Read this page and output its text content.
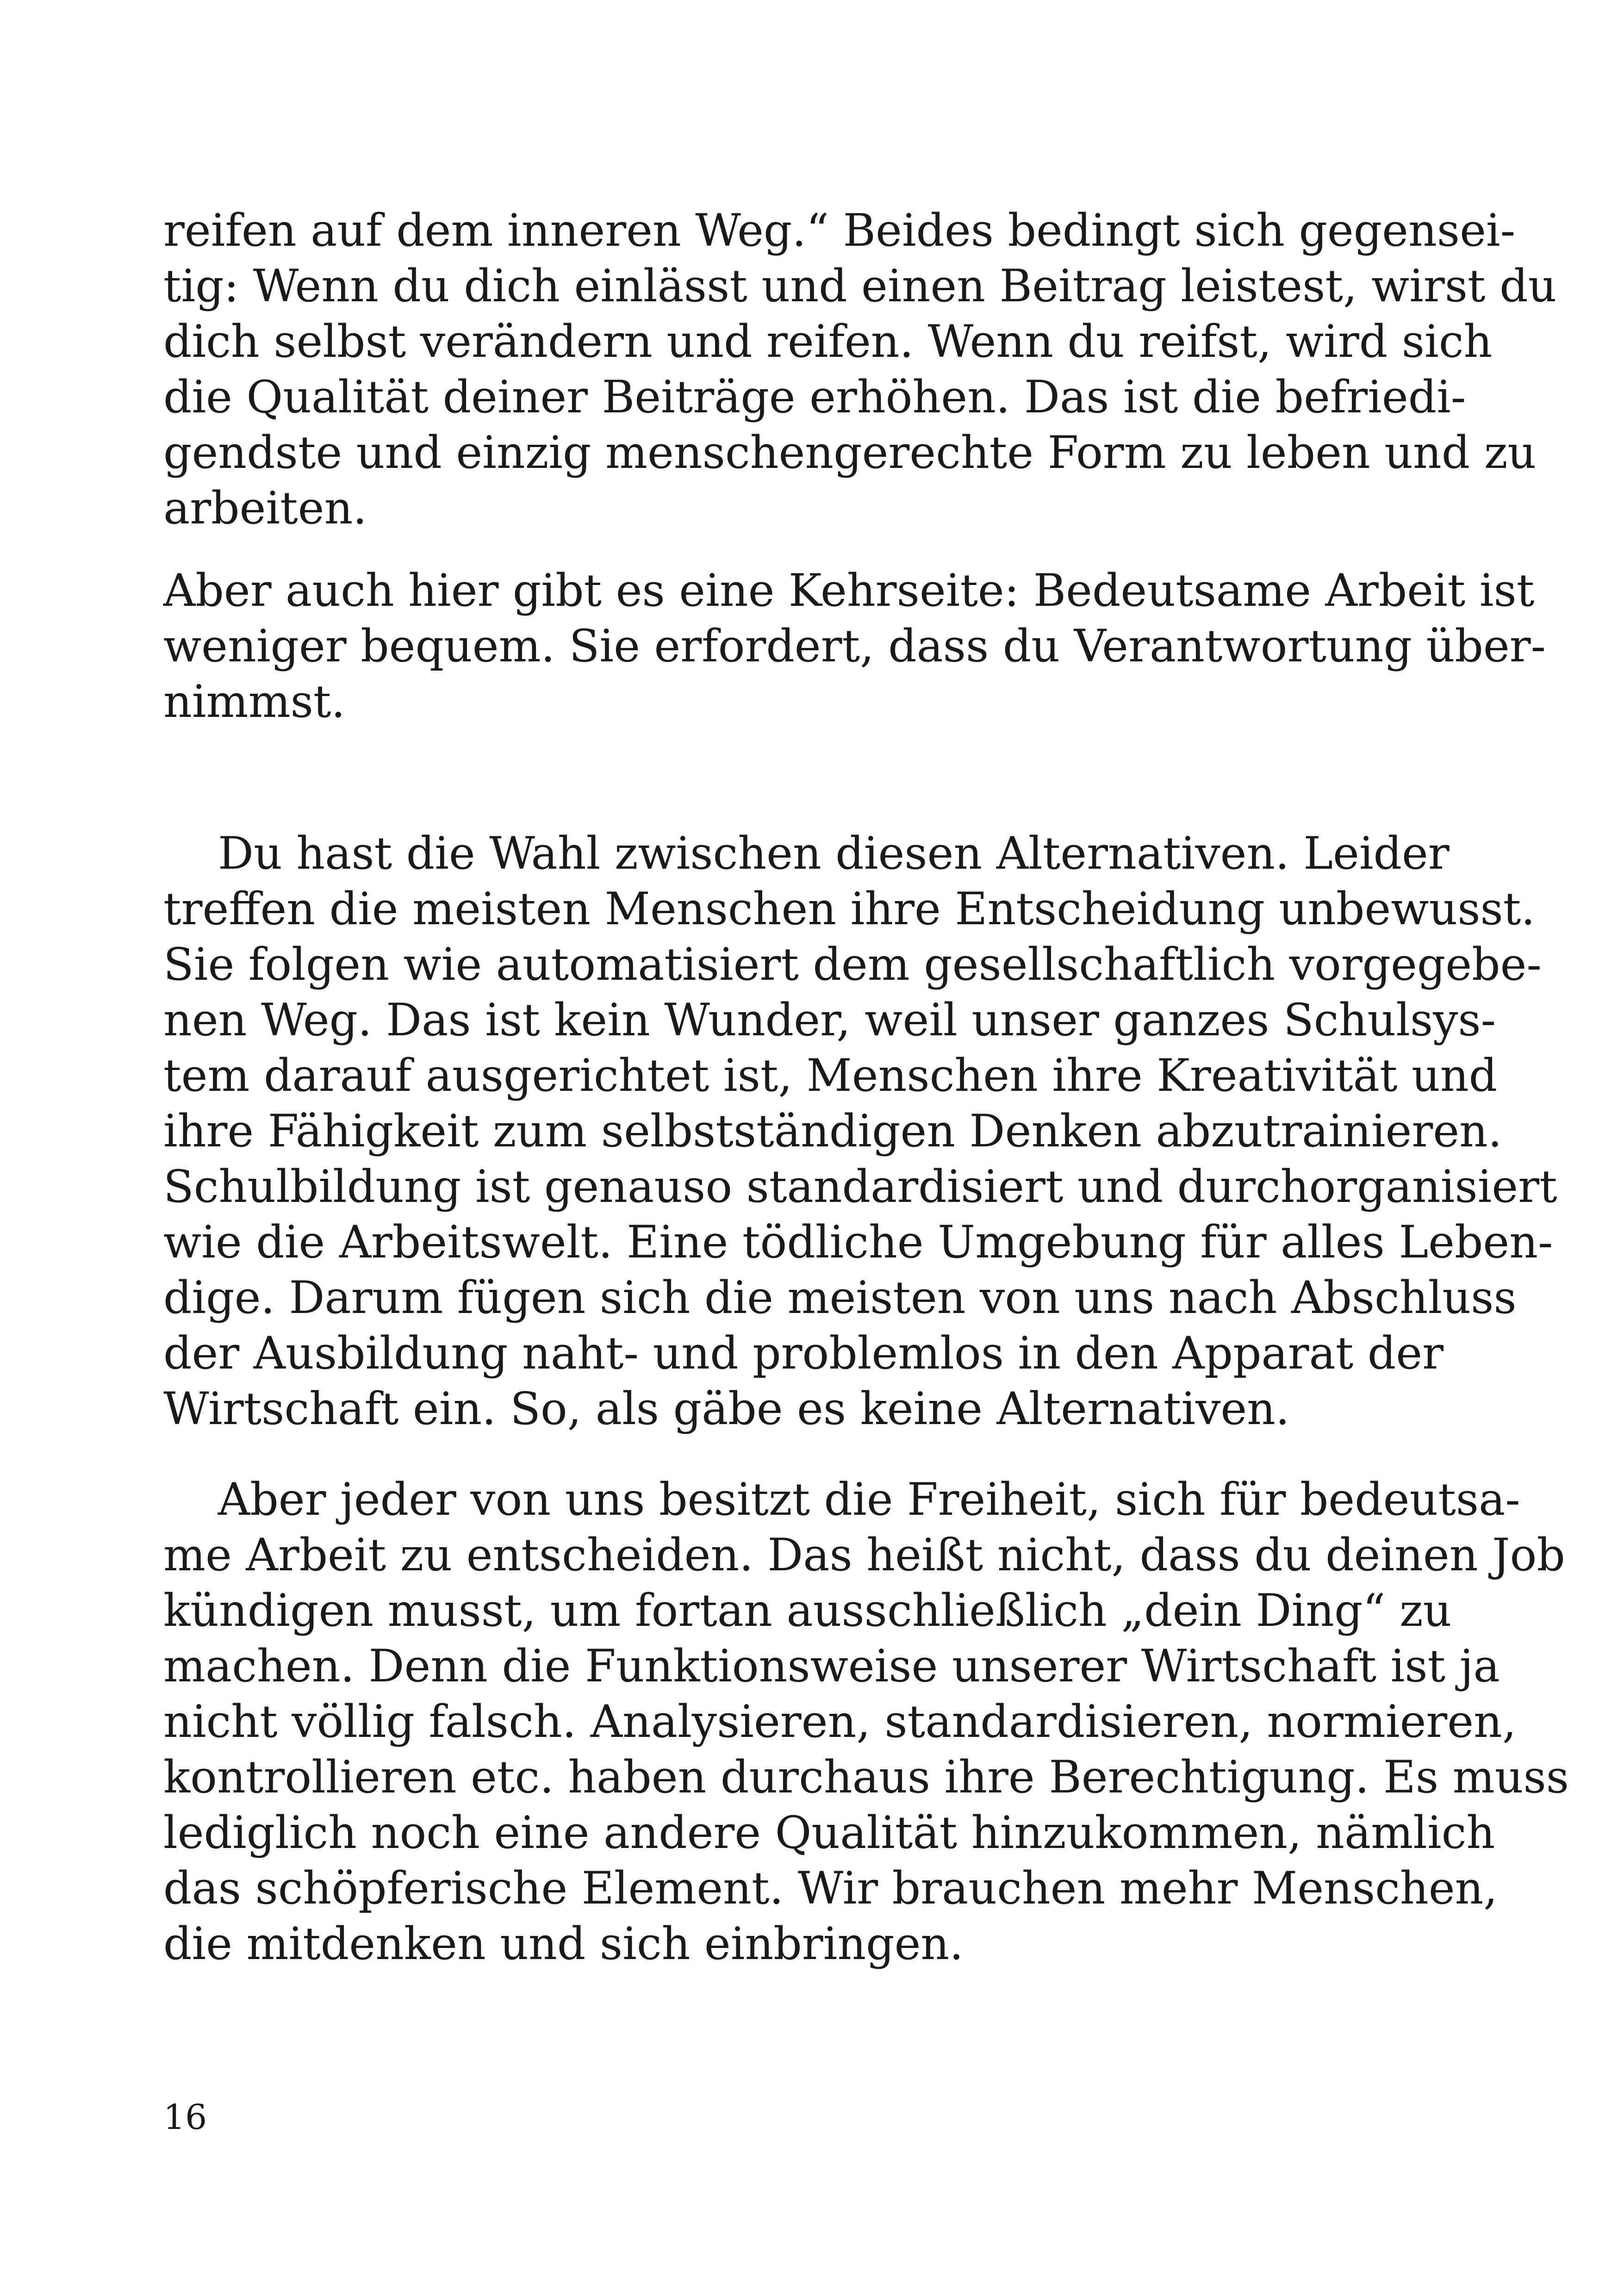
reifen auf dem inneren Weg.“ Beides bedingt sich gegensei-
tig: Wenn du dich einlässt und einen Beitrag leistest, wirst du
dich selbst verändern und reifen. Wenn du reifst, wird sich
die Qualität deiner Beiträge erhöhen. Das ist die befriedi-
gendste und einzig menschengerechte Form zu leben und zu
arbeiten.
Aber auch hier gibt es eine Kehrseite: Bedeutsame Arbeit ist
weniger bequem. Sie erfordert, dass du Verantwortung über-
nimmst.
Du hast die Wahl zwischen diesen Alternativen. Leider
treffen die meisten Menschen ihre Entscheidung unbewusst.
Sie folgen wie automatisiert dem gesellschaftlich vorgegebe-
nen Weg. Das ist kein Wunder, weil unser ganzes Schulsys-
tem darauf ausgerichtet ist, Menschen ihre Kreativität und
ihre Fähigkeit zum selbstständigen Denken abzutrainieren.
Schulbildung ist genauso standardisiert und durchorganisiert
wie die Arbeitswelt. Eine tödliche Umgebung für alles Leben-
dige. Darum fügen sich die meisten von uns nach Abschluss
der Ausbildung naht- und problemlos in den Apparat der
Wirtschaft ein. So, als gäbe es keine Alternativen.
Aber jeder von uns besitzt die Freiheit, sich für bedeutsa-
me Arbeit zu entscheiden. Das heißt nicht, dass du deinen Job
kündigen musst, um fortan ausschließlich „dein Ding“ zu
machen. Denn die Funktionsweise unserer Wirtschaft ist ja
nicht völlig falsch. Analysieren, standardisieren, normieren,
kontrollieren etc. haben durchaus ihre Berechtigung. Es muss
lediglich noch eine andere Qualität hinzukommen, nämlich
das schöpferische Element. Wir brauchen mehr Menschen,
die mitdenken und sich einbringen.
16
